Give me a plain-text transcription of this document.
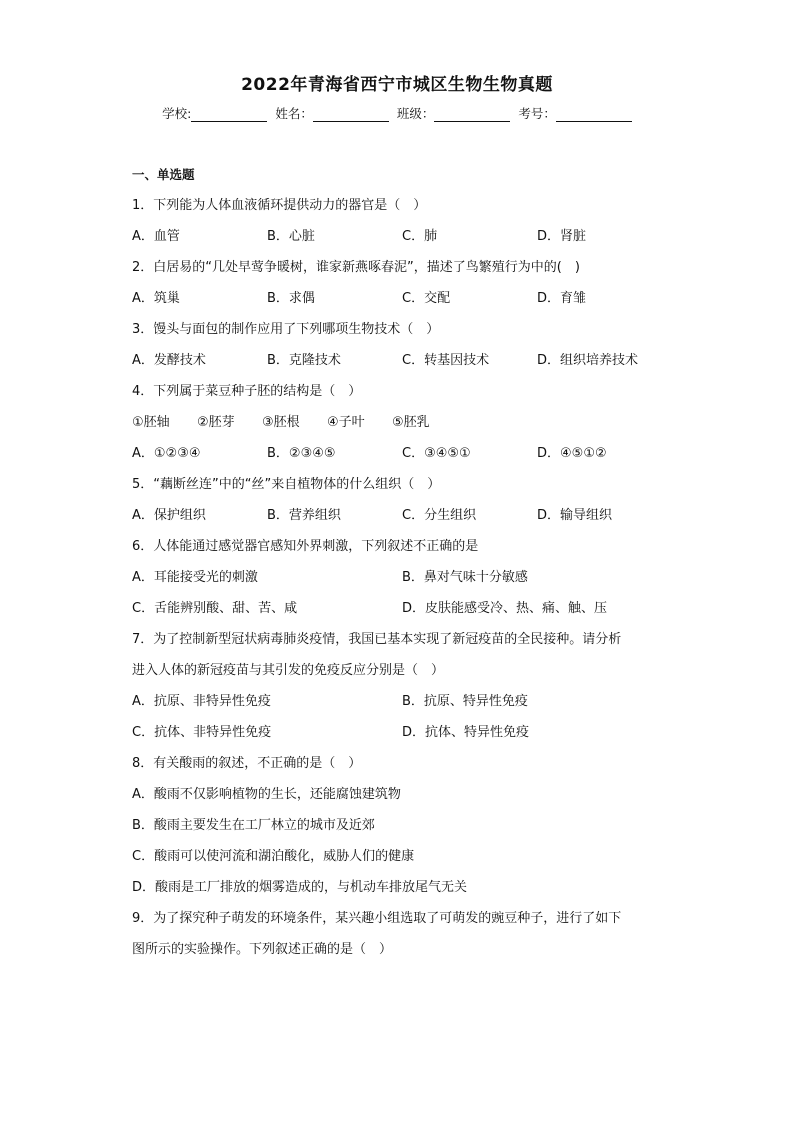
2022年青海省西宁市城区生物生物真题
学校:	姓名：	班级：	考号：
一、单选题
1．下列能为人体血液循环提供动力的器官是（　）
A．血管	B．心脏	C．肺	D．肾脏
2．白居易的“几处早莺争暖树，谁家新燕啄春泥”，描述了鸟繁殖行为中的(　)
A．筑巢	B．求偶	C．交配	D．育雏
3．馒头与面包的制作应用了下列哪项生物技术（　）
A．发酵技术	B．克隆技术	C．转基因技术	D．组织培养技术
4．下列属于菜豆种子胚的结构是（　）
①胚轴	②胚芽	③胚根	④子叶	⑤胚乳
A．①②③④	B．②③④⑤	C．③④⑤①	D．④⑤①②
5．“藕断丝连”中的“丝”来自植物体的什么组织（　）
A．保护组织	B．营养组织	C．分生组织	D．输导组织
6．人体能通过感觉器官感知外界刺激，下列叙述不正确的是
A．耳能接受光的刺激	B．鼻对气味十分敏感
C．舌能辨别酸、甜、苦、咸	D．皮肤能感受冷、热、痛、触、压
7．为了控制新型冠状病毒肺炎疫情，我国已基本实现了新冠疫苗的全民接种。请分析
进入人体的新冠疫苗与其引发的免疫反应分别是（　）
A．抗原、非特异性免疫	B．抗原、特异性免疫
C．抗体、非特异性免疫	D．抗体、特异性免疫
8．有关酸雨的叙述，不正确的是（　）
A．酸雨不仅影响植物的生长，还能腐蚀建筑物
B．酸雨主要发生在工厂林立的城市及近郊
C．酸雨可以使河流和湖泊酸化，威胁人们的健康
D．酸雨是工厂排放的烟雾造成的，与机动车排放尾气无关
9．为了探究种子萌发的环境条件，某兴趣小组选取了可萌发的豌豆种子，进行了如下
图所示的实验操作。下列叙述正确的是（　）
